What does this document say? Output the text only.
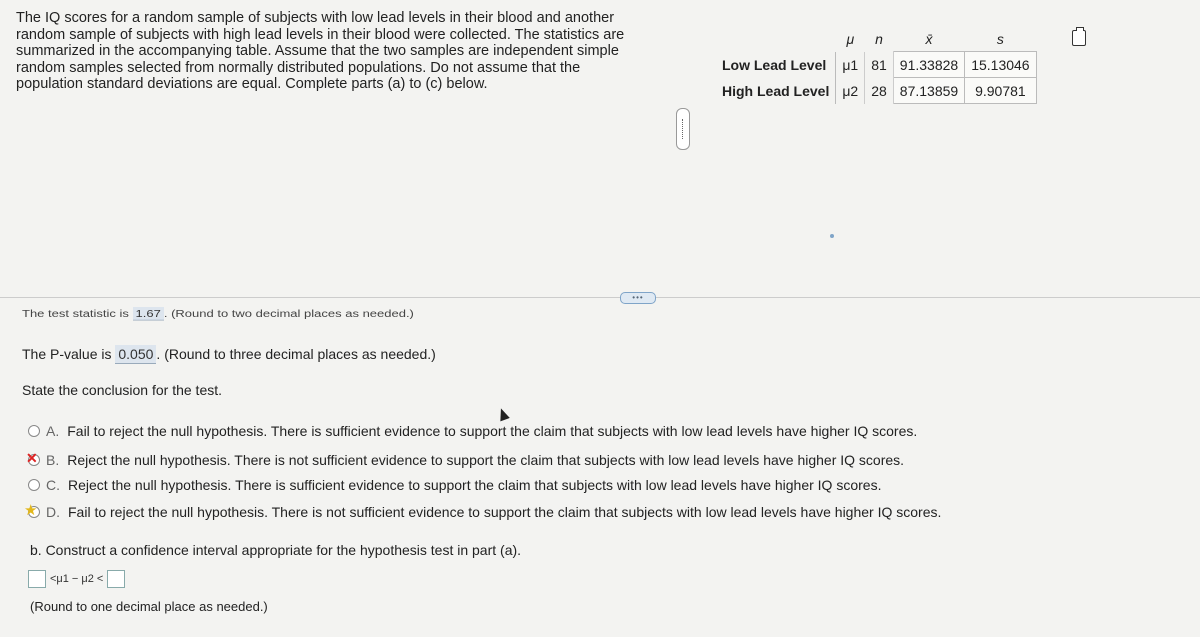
The IQ scores for a random sample of subjects with low lead levels in their blood and another random sample of subjects with high lead levels in their blood were collected. The statistics are summarized in the accompanying table. Assume that the two samples are independent simple random samples selected from normally distributed populations. Do not assume that the population standard deviations are equal. Complete parts (a) to (c) below.
	μ	n	x̄	s
Low Lead Level	μ1	81	91.33828	15.13046
High Lead Level	μ2	28	87.13859	9.90781
•••
The test statistic is 1.67 . (Round to two decimal places as needed.)
The P-value is 0.050 . (Round to three decimal places as needed.)
State the conclusion for the test.
A. Fail to reject the null hypothesis. There is sufficient evidence to support the claim that subjects with low lead levels have higher IQ scores.
✕ B. Reject the null hypothesis. There is not sufficient evidence to support the claim that subjects with low lead levels have higher IQ scores.
C. Reject the null hypothesis. There is sufficient evidence to support the claim that subjects with low lead levels have higher IQ scores.
★ D. Fail to reject the null hypothesis. There is not sufficient evidence to support the claim that subjects with low lead levels have higher IQ scores.
b. Construct a confidence interval appropriate for the hypothesis test in part (a).
<μ1 − μ2 <
(Round to one decimal place as needed.)
